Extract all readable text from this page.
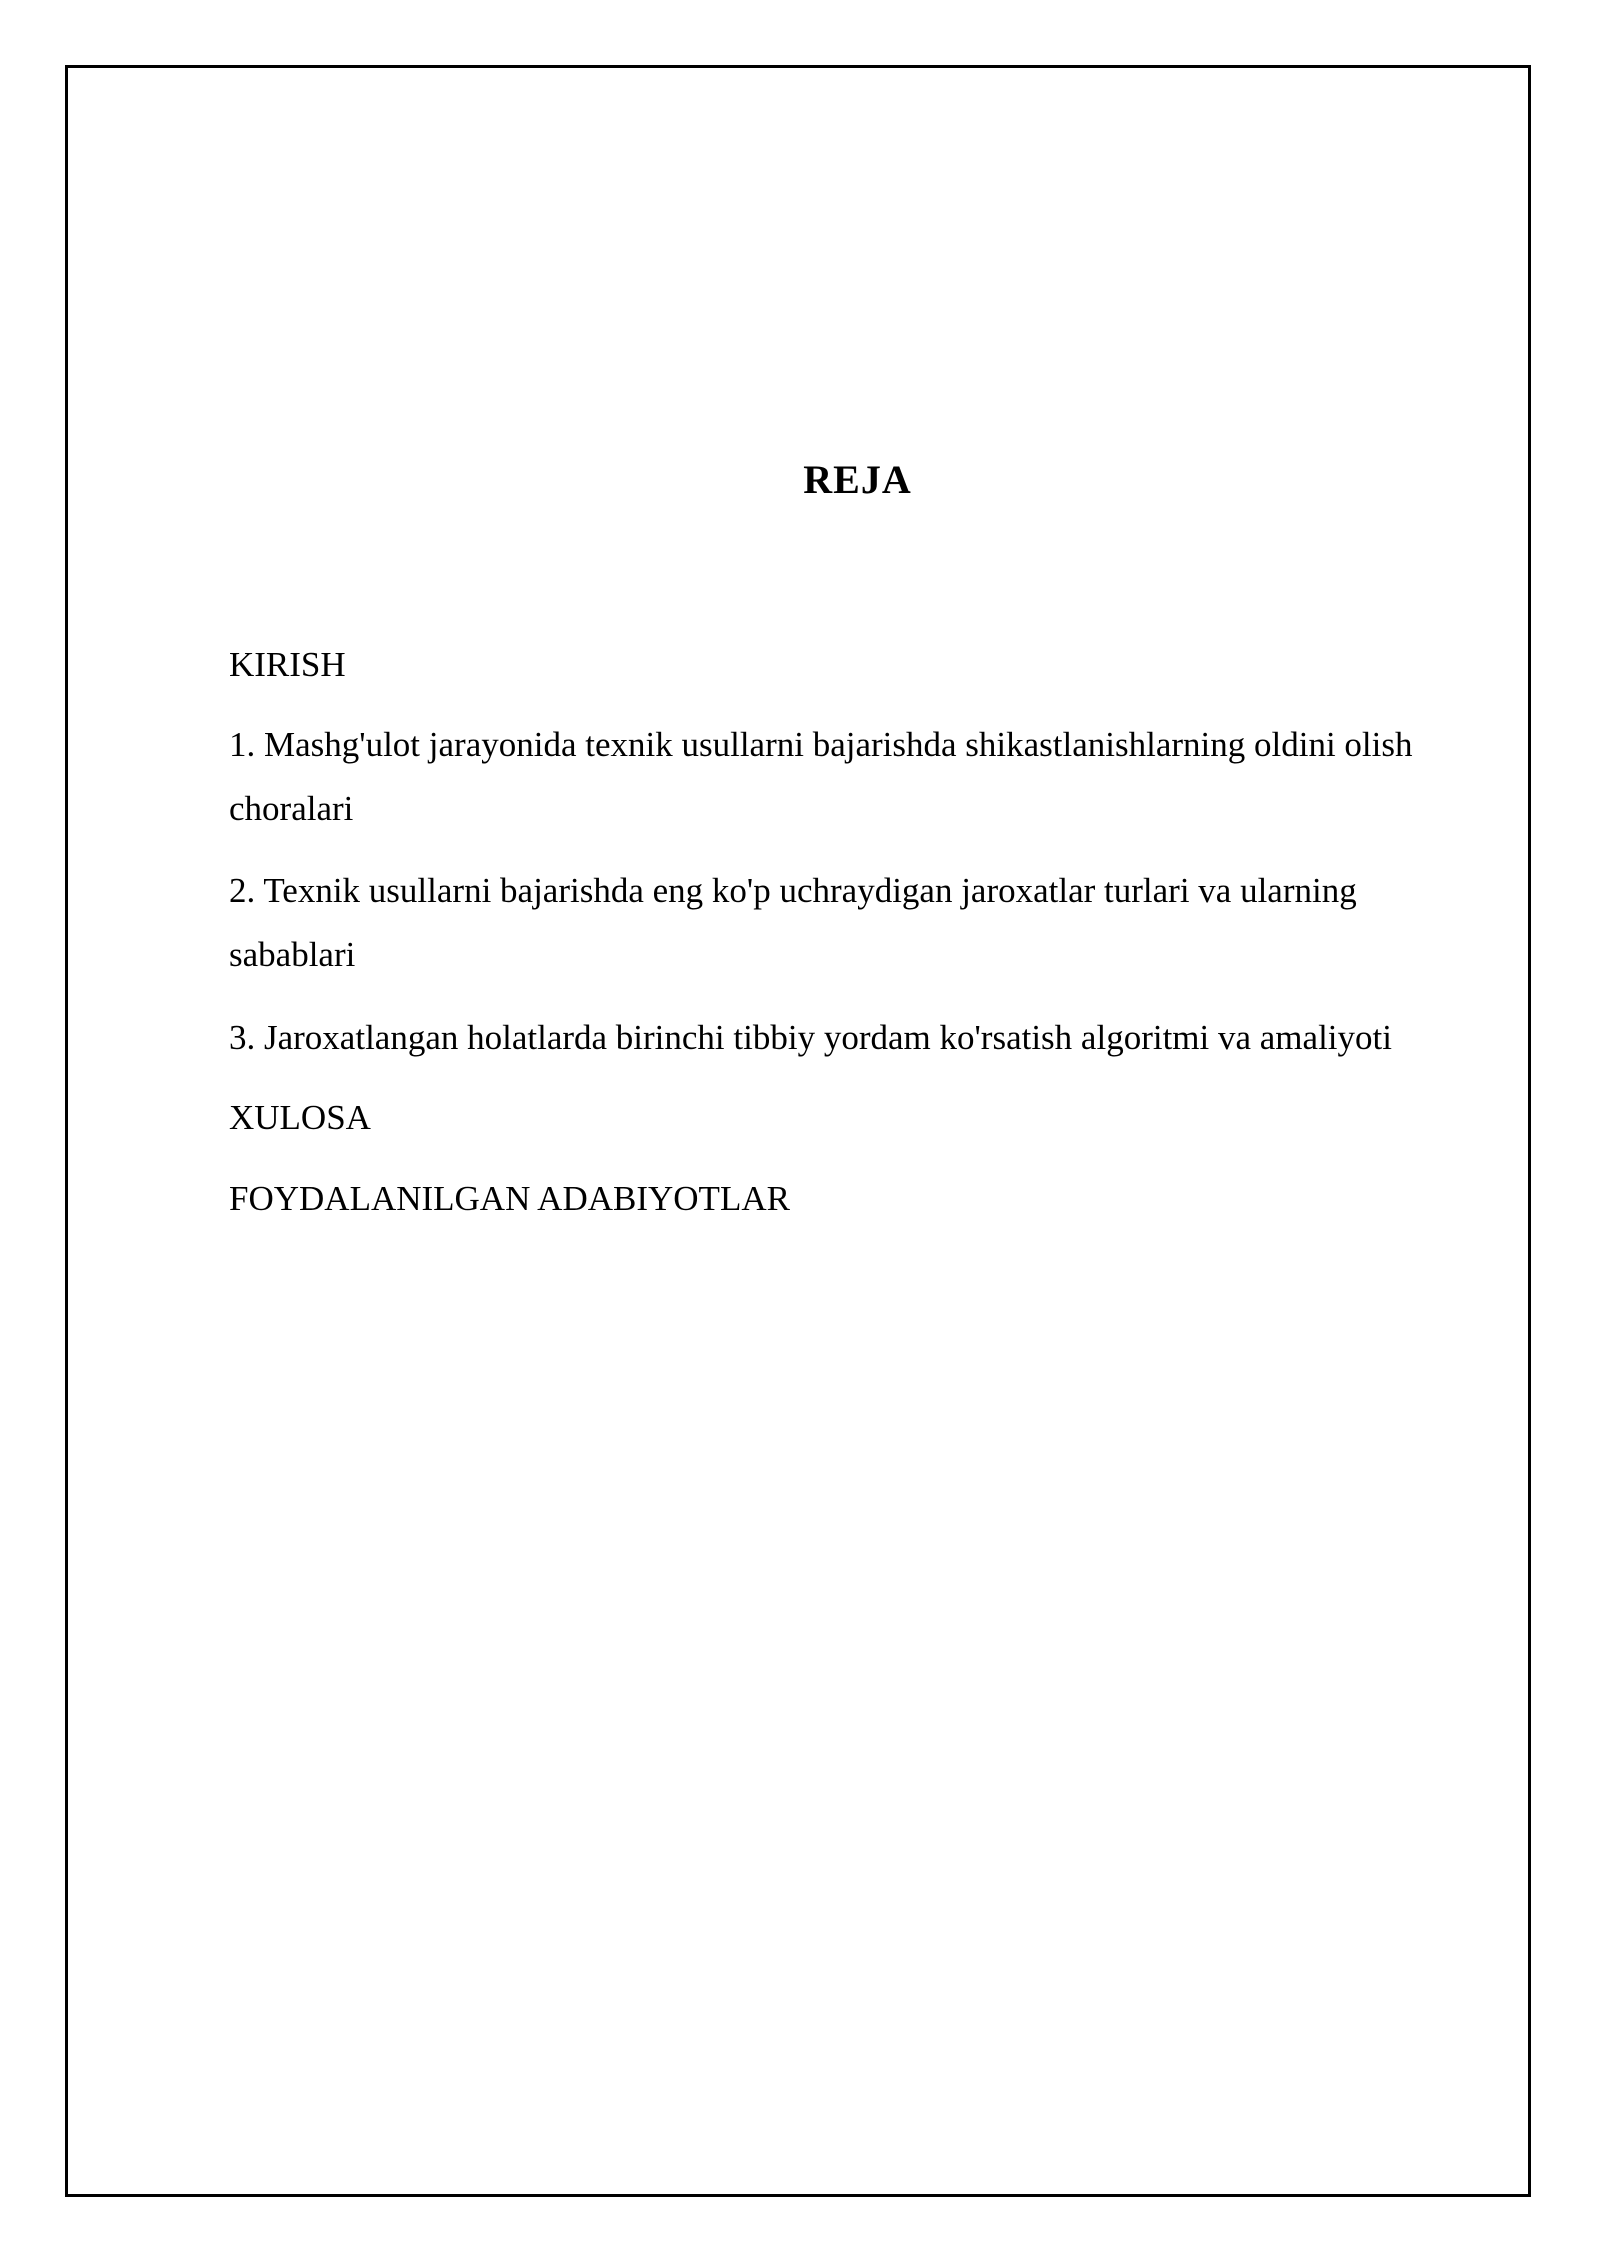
REJA
KIRISH
1. Mashg'ulot jarayonida texnik usullarni bajarishda shikastlanishlarning oldini olish choralari
2. Texnik usullarni bajarishda eng ko'p uchraydigan jaroxatlar turlari va ularning sabablari
3. Jaroxatlangan holatlarda birinchi tibbiy yordam ko'rsatish algoritmi va amaliyoti
XULOSA
FOYDALANILGAN ADABIYOTLAR
